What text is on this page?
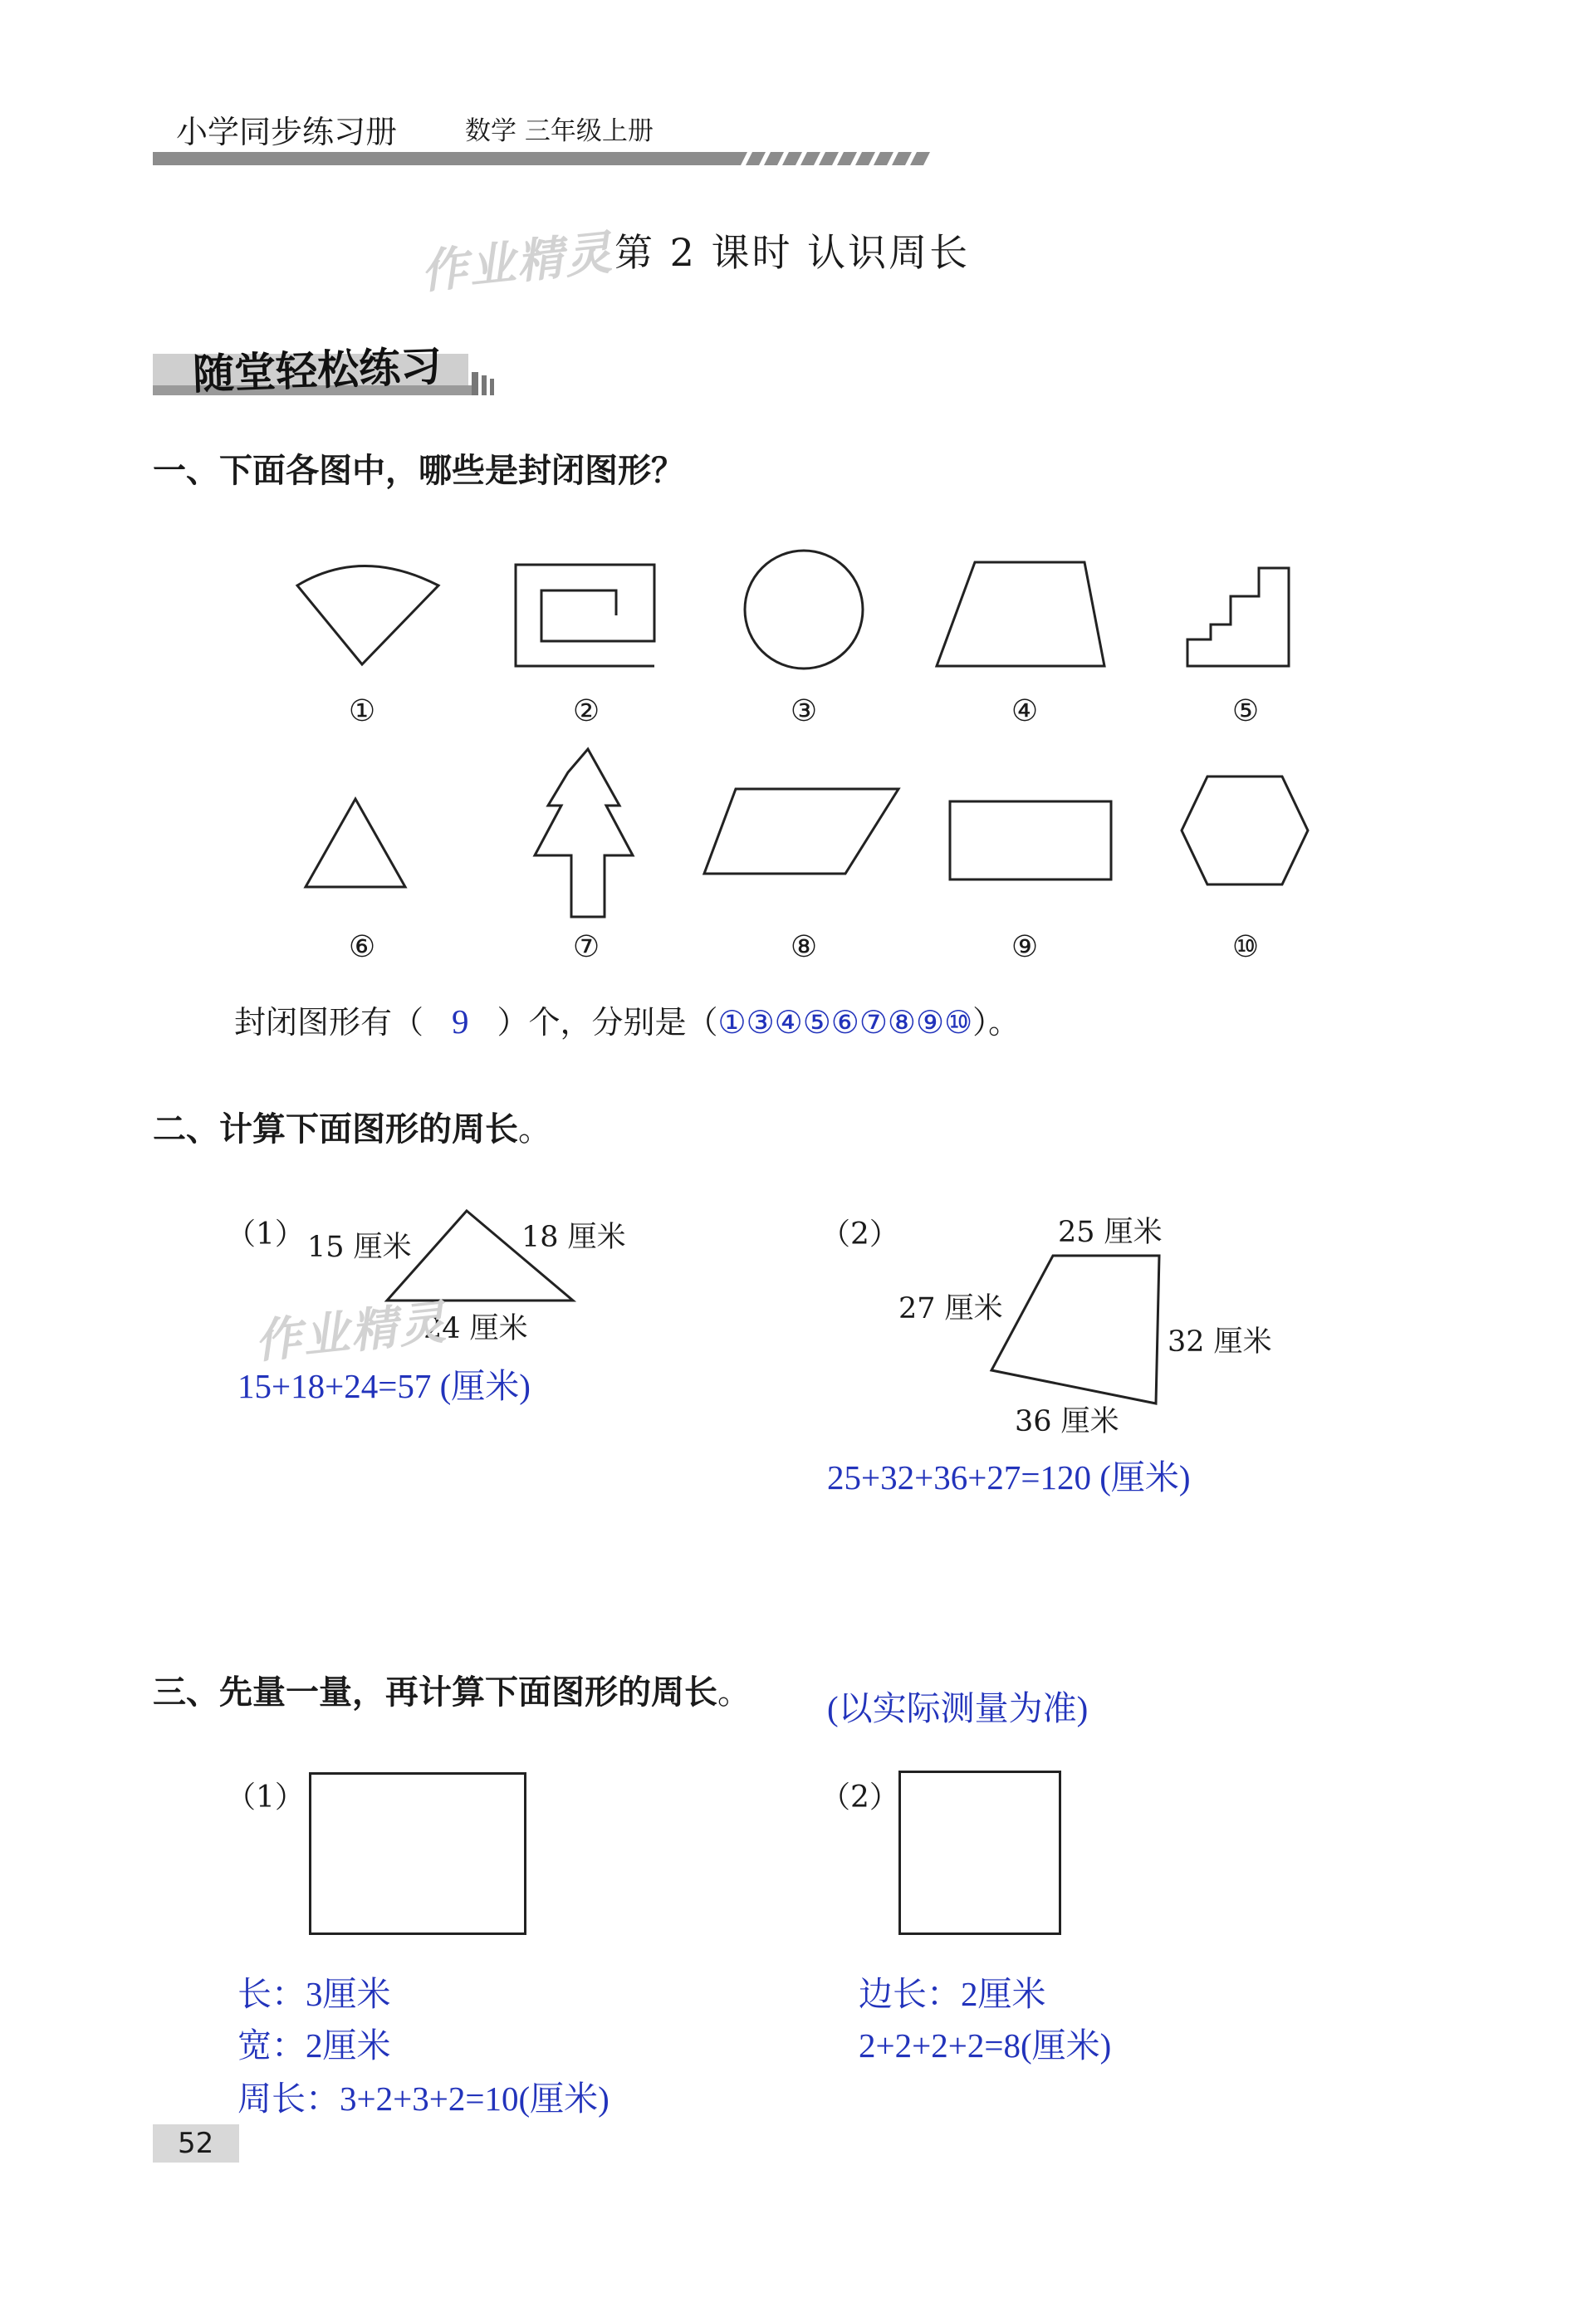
小学同步练习册	数学 三年级上册
作业精灵
第 2 课时 认识周长
随堂轻松练习
一、下面各图中，哪些是封闭图形？
①	②	③	④	⑤
⑥	⑦	⑧	⑨	⑩
封闭图形有（ 9 ）个，分别是（①③④⑤⑥⑦⑧⑨⑩）。
二、计算下面图形的周长。
（1） 15 厘米	18 厘米
24 厘米
作业精灵
15+18+24=57 (厘米)
（2）	25 厘米
27 厘米
32 厘米
36 厘米
25+32+36+27=120 (厘米)
三、先量一量，再计算下面图形的周长。 (以实际测量为准)
（1）
长：3厘米
宽：2厘米
周长：3+2+3+2=10(厘米)
（2）
边长：2厘米
2+2+2+2=8(厘米)
52
